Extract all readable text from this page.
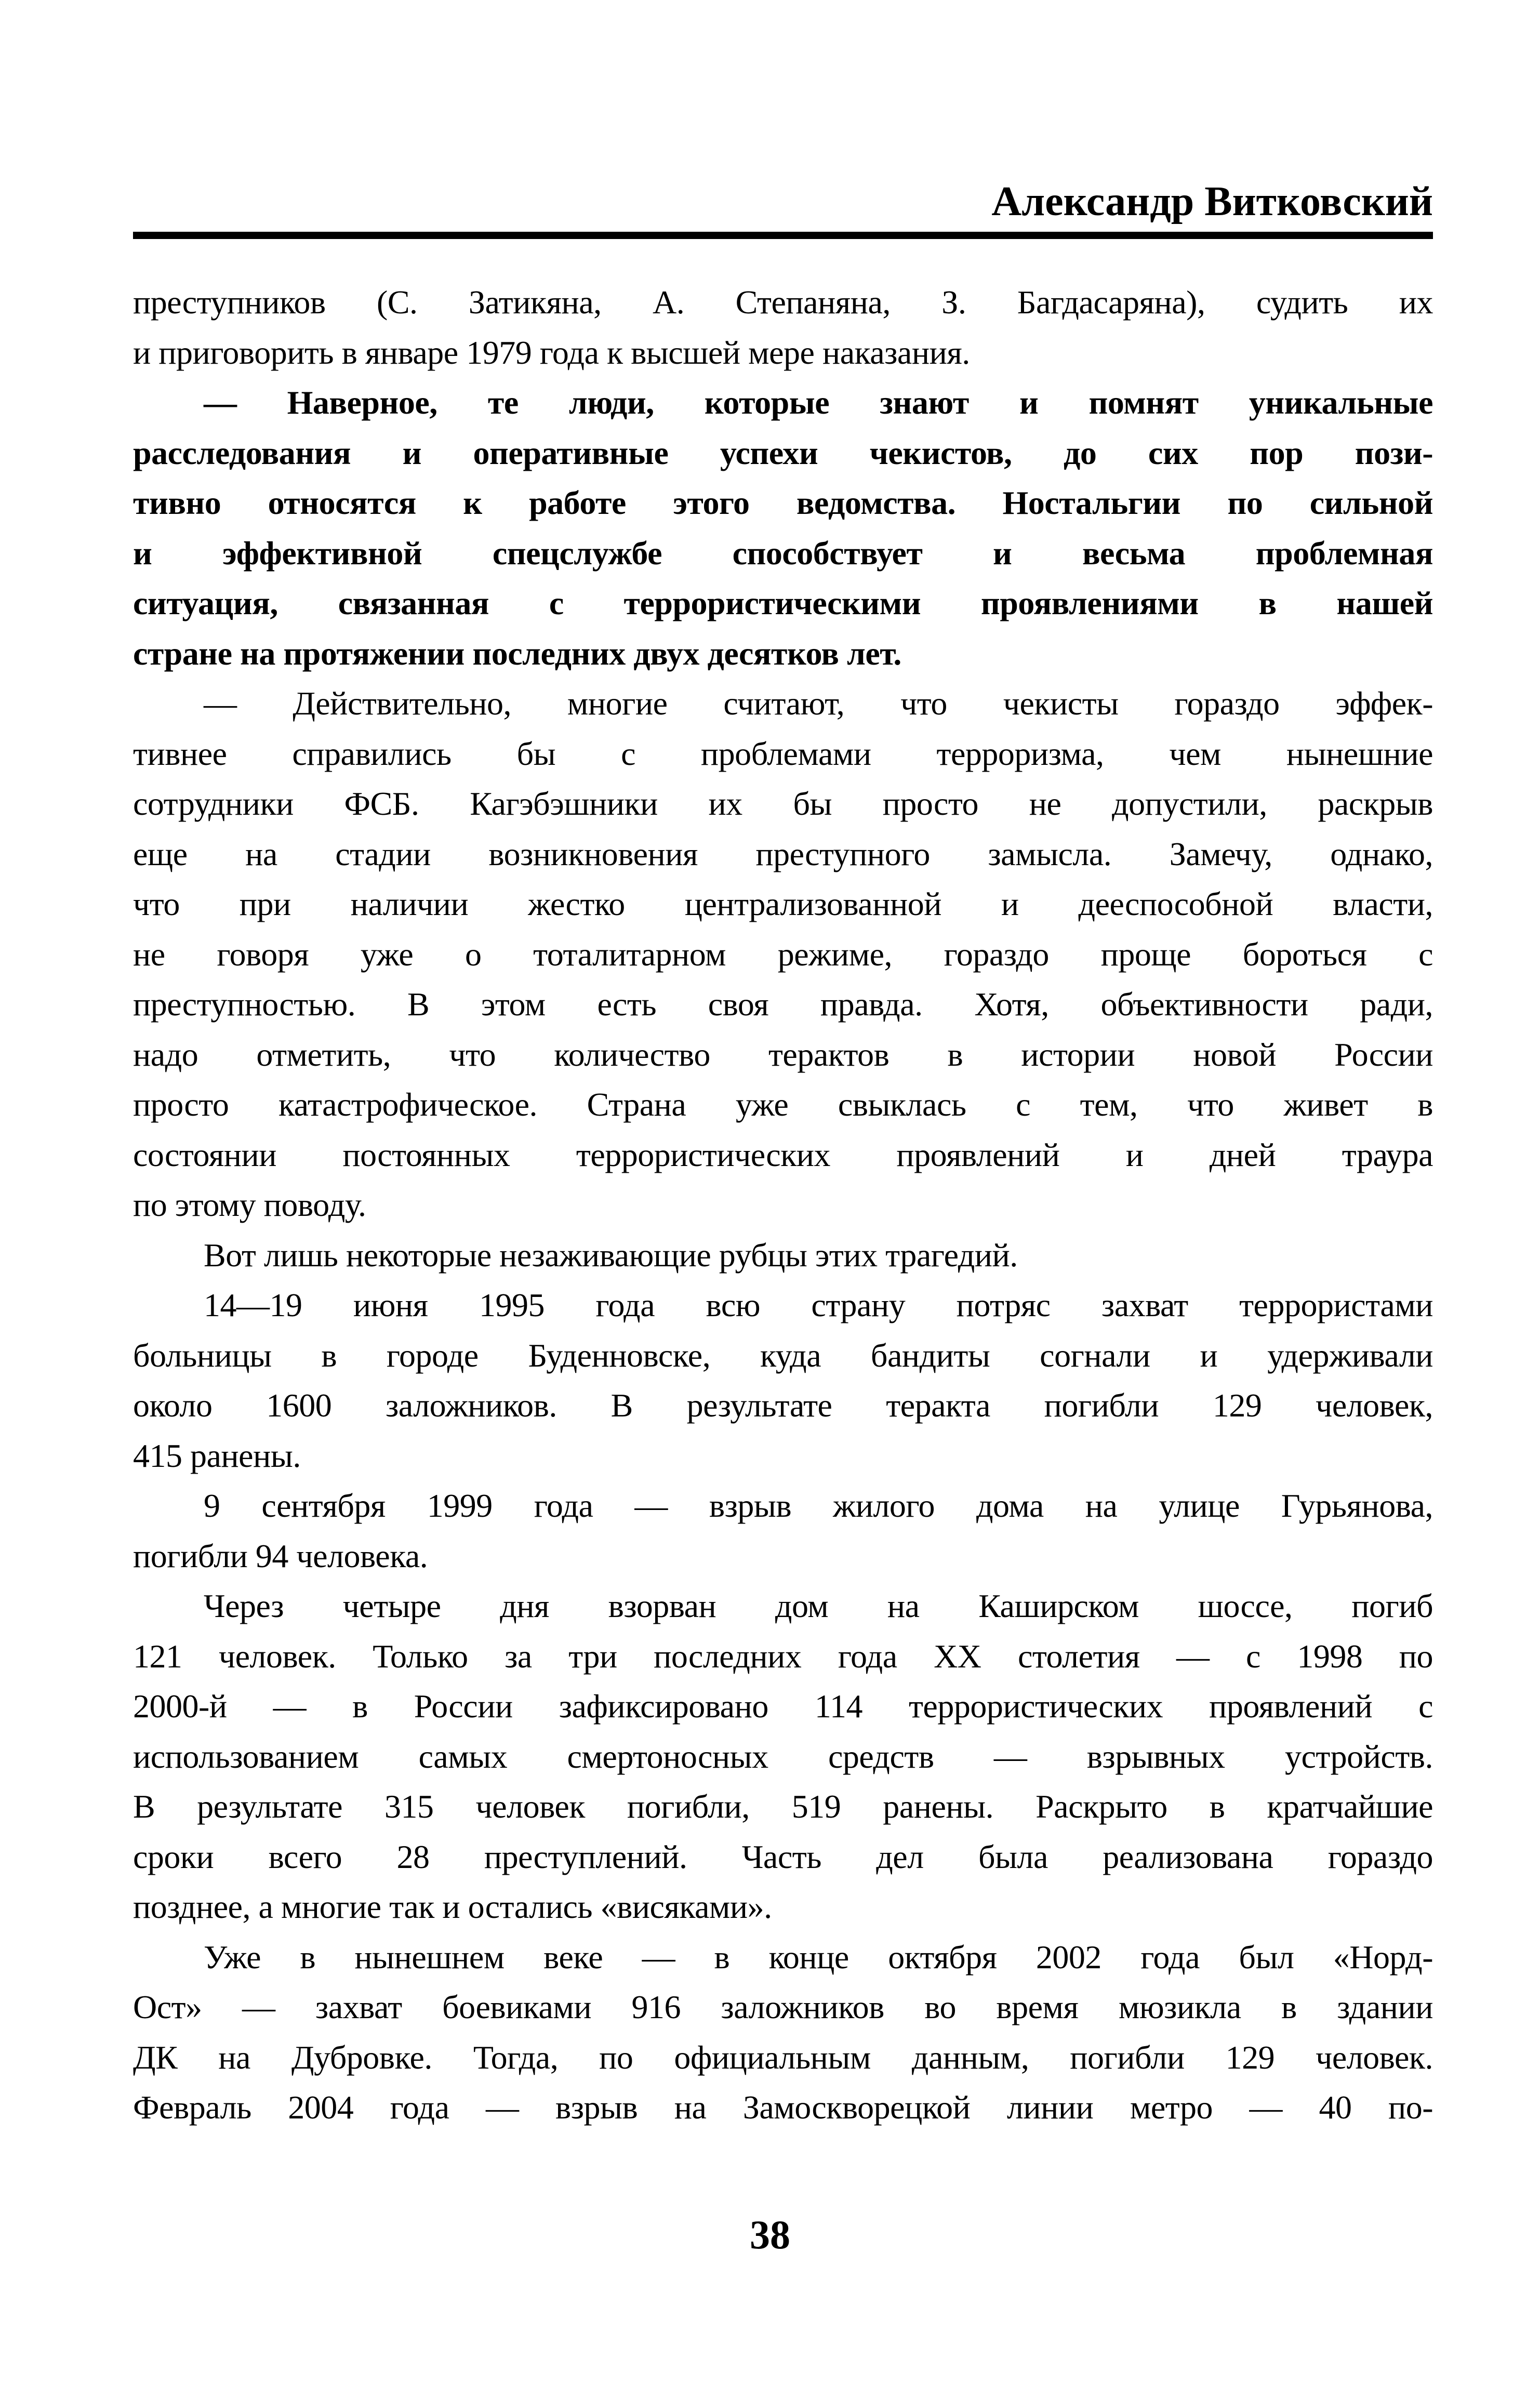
Александр Витковский
преступников (С. Затикяна, А. Степаняна, З. Багдасаряна), судить их
и приговорить в январе 1979 года к высшей мере наказания.
— Наверное, те люди, которые знают и помнят уникальные
расследования и оперативные успехи чекистов, до сих пор пози-
тивно относятся к работе этого ведомства. Ностальгии по сильной
и эффективной спецслужбе способствует и весьма проблемная
ситуация, связанная с террористическими проявлениями в нашей
стране на протяжении последних двух десятков лет.
— Действительно, многие считают, что чекисты гораздо эффек-
тивнее справились бы с проблемами терроризма, чем нынешние
сотрудники ФСБ. Кагэбэшники их бы просто не допустили, раскрыв
еще на стадии возникновения преступного замысла. Замечу, однако,
что при наличии жестко централизованной и дееспособной власти,
не говоря уже о тоталитарном режиме, гораздо проще бороться с
преступностью. В этом есть своя правда. Хотя, объективности ради,
надо отметить, что количество терактов в истории новой России
просто катастрофическое. Страна уже свыклась с тем, что живет в
состоянии постоянных террористических проявлений и дней траура
по этому поводу.
Вот лишь некоторые незаживающие рубцы этих трагедий.
14—19 июня 1995 года всю страну потряс захват террористами
больницы в городе Буденновске, куда бандиты согнали и удерживали
около 1600 заложников. В результате теракта погибли 129 человек,
415 ранены.
9 сентября 1999 года — взрыв жилого дома на улице Гурьянова,
погибли 94 человека.
Через четыре дня взорван дом на Каширском шоссе, погиб
121 человек. Только за три последних года XX столетия — с 1998 по
2000-й — в России зафиксировано 114 террористических проявлений с
использованием самых смертоносных средств — взрывных устройств.
В результате 315 человек погибли, 519 ранены. Раскрыто в кратчайшие
сроки всего 28 преступлений. Часть дел была реализована гораздо
позднее, а многие так и остались «висяками».
Уже в нынешнем веке — в конце октября 2002 года был «Норд-
Ост» — захват боевиками 916 заложников во время мюзикла в здании
ДК на Дубровке. Тогда, по официальным данным, погибли 129 человек.
Февраль 2004 года — взрыв на Замоскворецкой линии метро — 40 по-
38
